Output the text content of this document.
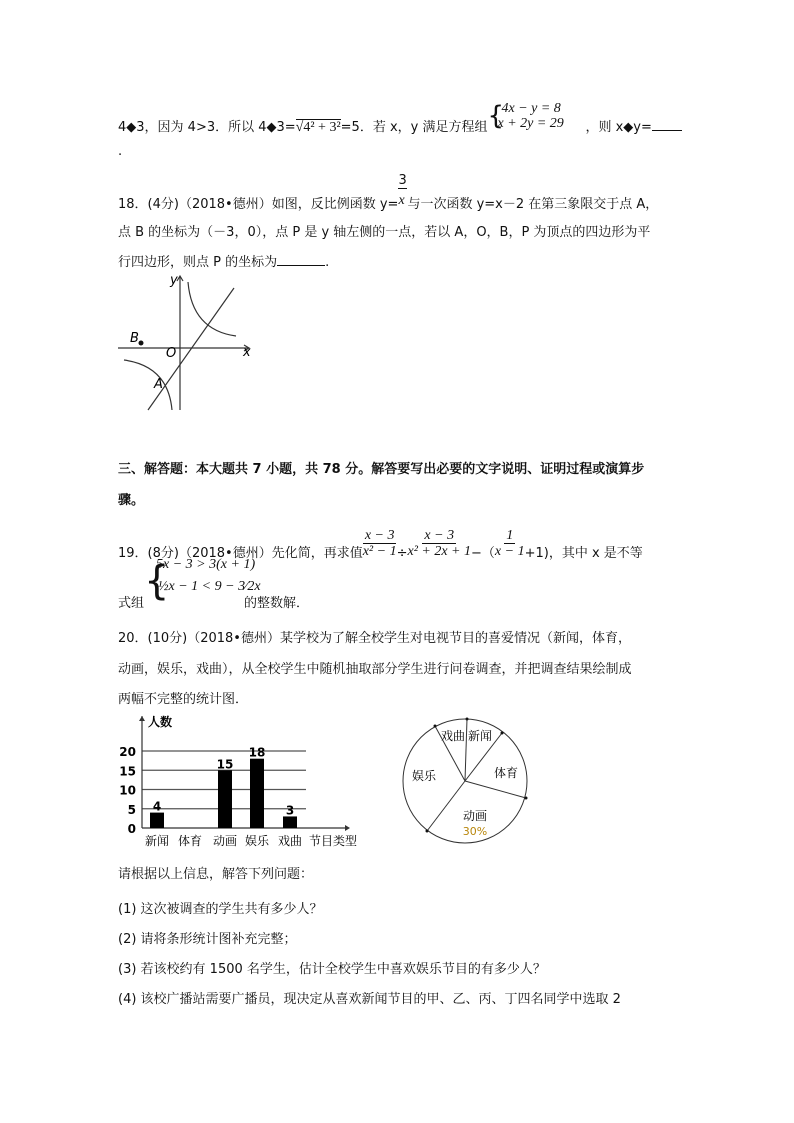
4◆3，因为 4>3．所以 4◆3=√4² + 3²=5．若 x，y 满足方程组 {
4x − y = 8
x + 2y = 29 ，则 x◆y=
.
18．(4分)（2018•德州）如图，反比例函数 $y= \frac{3}{x}$ 与一次函数 y=x－2 在第三象限交于点 A，
点 B 的坐标为（－3，0），点 P 是 y 轴左侧的一点，若以 A，O，B，P 为顶点的四边形为平
行四边形，则点 P 的坐标为	.
y
x
B
O
A
三、解答题：本大题共 7 小题，共 78 分。解答要写出必要的文字说明、证明过程或演算步
骤。
19．(8分)（2018•德州）先化简，再求值 $\frac{x - 3}{\text{x² − 1}} \div \frac{x - 3}{\text{x² + 2x + 1}}$ −（ $\frac{1}{x - 1} +1$)，其中 x 是不等
式组 {
5x − 3 > 3(x + 1)
½x − 1 < 9 − 3⁄2x
的整数解．
20．(10分)（2018•德州）某学校为了解全校学生对电视节目的喜爱情况（新闻，体育，
动画，娱乐，戏曲），从全校学生中随机抽取部分学生进行问卷调查，并把调查结果绘制成
两幅不完整的统计图．
0
5
10
15
20
人数
新闻
4
体育 动画
15
娱乐
18
戏曲
3
节目类型
戏曲 新闻
体育
动画
娱乐
30%
请根据以上信息，解答下列问题：
(1) 这次被调查的学生共有多少人？
(2) 请将条形统计图补充完整；
(3) 若该校约有 1500 名学生，估计全校学生中喜欢娱乐节目的有多少人？
(4) 该校广播站需要广播员，现决定从喜欢新闻节目的甲、乙、丙、丁四名同学中选取 2
